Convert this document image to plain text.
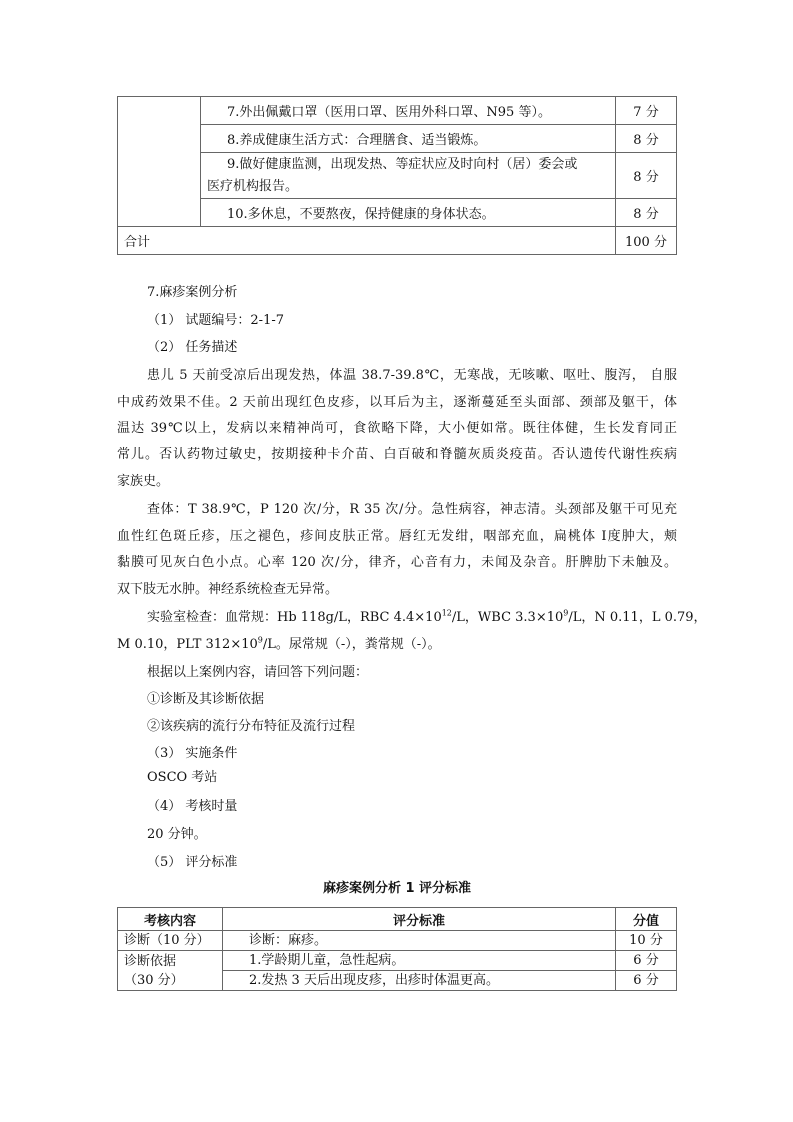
	7.外出佩戴口罩（医用口罩、医用外科口罩、N95 等）。	7 分
	8.养成健康生活方式：合理膳食、适当锻炼。	8 分

	9.做好健康监测，出现发热、等症状应及时向村（居）委会或
医疗机构报告。	8 分
	10.多休息，不要熬夜，保持健康的身体状态。	8 分
合计		100 分
7.麻疹案例分析
（1） 试题编号：2-1-7
（2） 任务描述
患儿 5 天前受凉后出现发热，体温 38.7-39.8℃，无寒战，无咳嗽、呕吐、腹泻， 自服
中成药效果不佳。2 天前出现红色皮疹，以耳后为主，逐渐蔓延至头面部、颈部及躯干，体
温达 39℃以上，发病以来精神尚可，食欲略下降，大小便如常。既往体健，生长发育同正
常儿。否认药物过敏史，按期接种卡介苗、白百破和脊髓灰质炎疫苗。否认遗传代谢性疾病
家族史。
查体：T 38.9℃，P 120 次/分，R 35 次/分。急性病容，神志清。头颈部及躯干可见充
血性红色斑丘疹，压之褪色，疹间皮肤正常。唇红无发绀，咽部充血，扁桃体 Ⅰ度肿大，颊
黏膜可见灰白色小点。心率 120 次/分，律齐，心音有力，未闻及杂音。肝脾肋下未触及。
双下肢无水肿。神经系统检查无异常。
实验室检查：血常规：Hb 118g/L，RBC $4.4\times 10^{12}/L$，WBC $3.3\times 10^9/L$，N 0.11，L 0.79，
M 0.10，PLT $312\times 10^9/L$。尿常规（-），粪常规（-）。
根据以上案例内容，请回答下列问题：
①诊断及其诊断依据
②该疾病的流行分布特征及流行过程
（3） 实施条件
OSCO 考站
（4） 考核时量
20 分钟。
（5） 评分标准
麻疹案例分析 1 评分标准
考核内容	评分标准	分值
诊断（10 分）	诊断：麻疹。	10 分

诊断依据
（30 分）	1.学龄期儿童，急性起病。	6 分
	2.发热 3 天后出现皮疹，出疹时体温更高。	6 分
